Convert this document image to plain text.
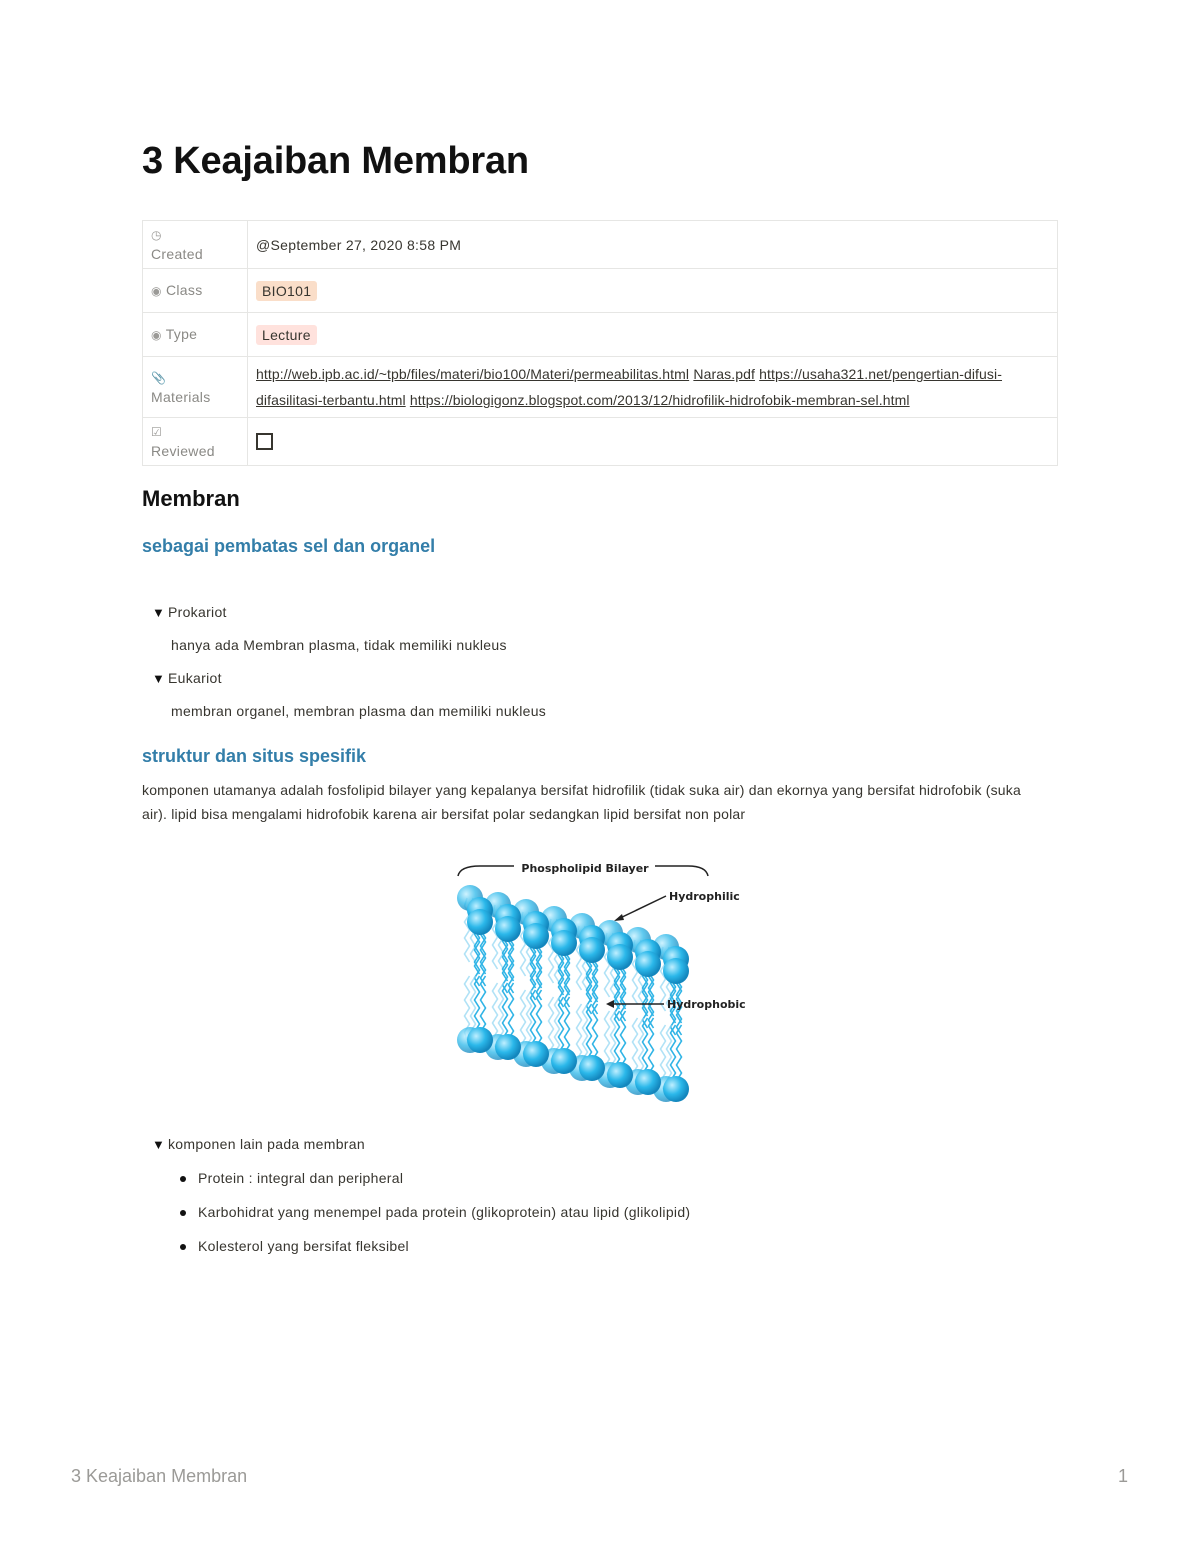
3 Keajaiban Membran
◷
Created	@September 27, 2020 8:58 PM
◉ Class	BIO101
◉ Type	Lecture
📎
Materials	http://web.ipb.ac.id/~tpb/files/materi/bio100/Materi/permeabilitas.html Naras.pdf https://usaha321.net/pengertian-difusi-difasilitasi-terbantu.html https://biologigonz.blogspot.com/2013/12/hidrofilik-hidrofobik-membran-sel.html
☑
Reviewed	
Membran
sebagai pembatas sel dan organel
▼ Prokariot
hanya ada Membran plasma, tidak memiliki nukleus
▼ Eukariot
membran organel, membran plasma dan memiliki nukleus
struktur dan situs spesifik

komponen utamanya adalah fosfolipid bilayer yang kepalanya bersifat hidrofilik (tidak suka air) dan ekornya yang bersifat hidrofobik (suka air). lipid bisa mengalami hidrofobik karena air bersifat polar sedangkan lipid bersifat non polar

Phospholipid Bilayer
Hydrophilic
Hydrophobic
▼ komponen lain pada membran
Protein : integral dan peripheral
Karbohidrat yang menempel pada protein (glikoprotein) atau lipid (glikolipid)
Kolesterol yang bersifat fleksibel
3 Keajaiban Membran	1
